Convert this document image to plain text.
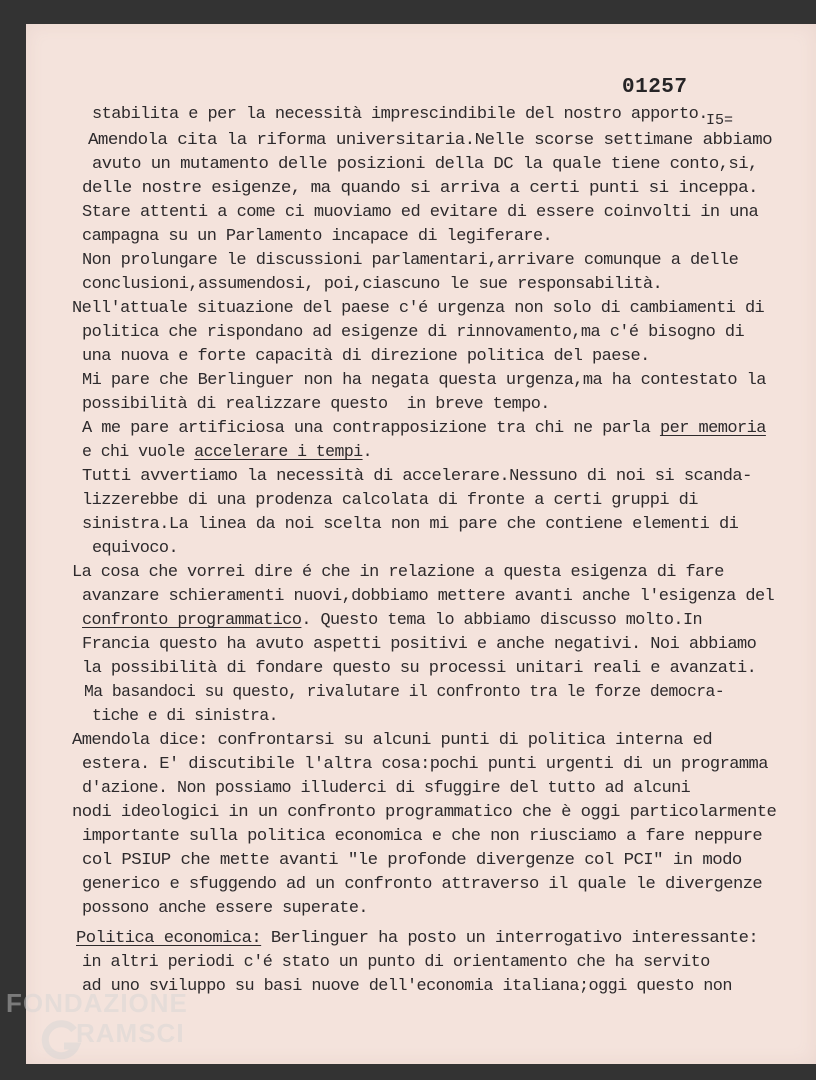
01257
I5=
stabilita e per la necessità imprescindibile del nostro apporto.
Amendola cita la riforma universitaria.Nelle scorse settimane abbiamo
avuto un mutamento delle posizioni della DC la quale tiene conto,si,
delle nostre esigenze, ma quando si arriva a certi punti si inceppa.
Stare attenti a come ci muoviamo ed evitare di essere coinvolti in una
campagna su un Parlamento incapace di legiferare.
Non prolungare le discussioni parlamentari,arrivare comunque a delle
conclusioni,assumendosi, poi,ciascuno le sue responsabilità.
Nell'attuale situazione del paese c'é urgenza non solo di cambiamenti di
politica che rispondano ad esigenze di rinnovamento,ma c'é bisogno di
una nuova e forte capacità di direzione politica del paese.
Mi pare che Berlinguer non ha negata questa urgenza,ma ha contestato la
possibilità di realizzare questo  in breve tempo.
A me pare artificiosa una contrapposizione tra chi ne parla per memoria
e chi vuole accelerare i tempi.
Tutti avvertiamo la necessità di accelerare.Nessuno di noi si scanda-
lizzerebbe di una prodenza calcolata di fronte a certi gruppi di
sinistra.La linea da noi scelta non mi pare che contiene elementi di
equivoco.
La cosa che vorrei dire é che in relazione a questa esigenza di fare
avanzare schieramenti nuovi,dobbiamo mettere avanti anche l'esigenza del
confronto programmatico. Questo tema lo abbiamo discusso molto.In
Francia questo ha avuto aspetti positivi e anche negativi. Noi abbiamo
la possibilità di fondare questo su processi unitari reali e avanzati.
Ma basandoci su questo, rivalutare il confronto tra le forze democra-
tiche e di sinistra.
Amendola dice: confrontarsi su alcuni punti di politica interna ed
estera. E' discutibile l'altra cosa:pochi punti urgenti di un programma
d'azione. Non possiamo illuderci di sfuggire del tutto ad alcuni
nodi ideologici in un confronto programmatico che è oggi particolarmente
importante sulla politica economica e che non riusciamo a fare neppure
col PSIUP che mette avanti "le profonde divergenze col PCI" in modo
generico e sfuggendo ad un confronto attraverso il quale le divergenze
possono anche essere superate.
Politica economica: Berlinguer ha posto un interrogativo interessante:
in altri periodi c'é stato un punto di orientamento che ha servito
ad uno sviluppo su basi nuove dell'economia italiana;oggi questo non
FONDAZIONE
RAMSCI
